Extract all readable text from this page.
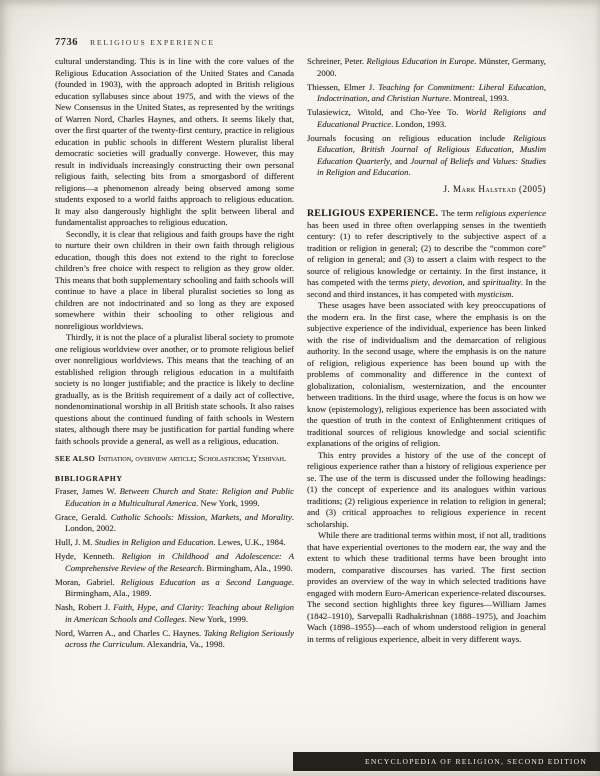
7736 RELIGIOUS EXPERIENCE

cultural understanding. This is in line with the core values of the Religious Education Association of the United States and Canada (founded in 1903), with the approach adopted in British religious education syllabuses since about 1975, and with the views of the New Consensus in the United States, as represented by the writings of Warren Nord, Charles Haynes, and others. It seems likely that, over the first quarter of the twenty-first century, practice in religious education in public schools in different Western pluralist liberal democratic societies will gradually converge. However, this may result in individuals increasingly constructing their own personal religious faith, selecting bits from a smorgasbord of different religions—a phenomenon already being observed among some students exposed to a world faiths approach to religious education. It may also dangerously highlight the split between liberal and fundamentalist approaches to religious education.

Secondly, it is clear that religious and faith groups have the right to nurture their own children in their own faith through religious education, though this does not extend to the right to foreclose children’s free choice with respect to religion as they grow older. This means that both supplementary schooling and faith schools will continue to have a place in liberal pluralist societies so long as children are not indoctrinated and so long as they are exposed somewhere within their schooling to other religious and nonreligious worldviews.

Thirdly, it is not the place of a pluralist liberal society to promote one religious worldview over another, or to promote religious belief over nonreligious worldviews. This means that the teaching of an established religion through religious education in a multifaith society is no longer justifiable; and the practice is likely to decline gradually, as is the British requirement of a daily act of collective, nondenominational worship in all British state schools. It also raises questions about the continued funding of faith schools in Western states, although there may be justification for partial funding where faith schools provide a general, as well as a religious, education.

SEE ALSO Initiation, overview article; Scholasticism; Yeshivah.

BIBLIOGRAPHY

Fraser, James W. Between Church and State: Religion and Public Education in a Multicultural America. New York, 1999.

Grace, Gerald. Catholic Schools: Mission, Markets, and Morality. London, 2002.

Hull, J. M. Studies in Religion and Education. Lewes, U.K., 1984.

Hyde, Kenneth. Religion in Childhood and Adolescence: A Comprehensive Review of the Research. Birmingham, Ala., 1990.

Moran, Gabriel. Religious Education as a Second Language. Birmingham, Ala., 1989.

Nash, Robert J. Faith, Hype, and Clarity: Teaching about Religion in American Schools and Colleges. New York, 1999.

Nord, Warren A., and Charles C. Haynes. Taking Religion Seriously across the Curriculum. Alexandria, Va., 1998.

Schreiner, Peter. Religious Education in Europe. Münster, Germany, 2000.

Thiessen, Elmer J. Teaching for Commitment: Liberal Education, Indoctrination, and Christian Nurture. Montreal, 1993.

Tulasiewicz, Witold, and Cho-Yee To. World Religions and Educational Practice. London, 1993.

Journals focusing on religious education include Religious Education, British Journal of Religious Education, Muslim Education Quarterly, and Journal of Beliefs and Values: Studies in Religion and Education.

J. Mark Halstead (2005)

RELIGIOUS EXPERIENCE. The term religious experience has been used in three often overlapping senses in the twentieth century: (1) to refer descriptively to the subjective aspect of a tradition or religion in general; (2) to describe the “common core” of religion in general; and (3) to assert a claim with respect to the source of religious knowledge or certainty. In the first instance, it has competed with the terms piety, devotion, and spirituality. In the second and third instances, it has competed with mysticism.

These usages have been associated with key preoccupations of the modern era. In the first case, where the emphasis is on the subjective experience of the individual, experience has been linked with the rise of individualism and the demarcation of religious authority. In the second usage, where the emphasis is on the nature of religion, religious experience has been bound up with the problems of commonality and difference in the context of globalization, colonialism, westernization, and the encounter between traditions. In the third usage, where the focus is on how we know (epistemology), religious experience has been associated with the question of truth in the context of Enlightenment critiques of traditional sources of religious knowledge and social scientific explanations of the origins of religion.

This entry provides a history of the use of the concept of religious experience rather than a history of religious experience per se. The use of the term is discussed under the following headings: (1) the concept of experience and its analogues within various traditions; (2) religious experience in relation to religion in general; and (3) critical approaches to religious experience in recent scholarship.

While there are traditional terms within most, if not all, traditions that have experiential overtones to the modern ear, the way and the extent to which these traditional terms have been brought into modern, comparative discourses has varied. The first section provides an overview of the way in which selected traditions have engaged with modern Euro-American experience-related discourses. The second section highlights three key figures—William James (1842–1910), Sarvepalli Radhakrishnan (1888–1975), and Joachim Wach (1898–1955)—each of whom understood religion in general in terms of religious experience, albeit in very different ways.

ENCYCLOPEDIA OF RELIGION, SECOND EDITION
